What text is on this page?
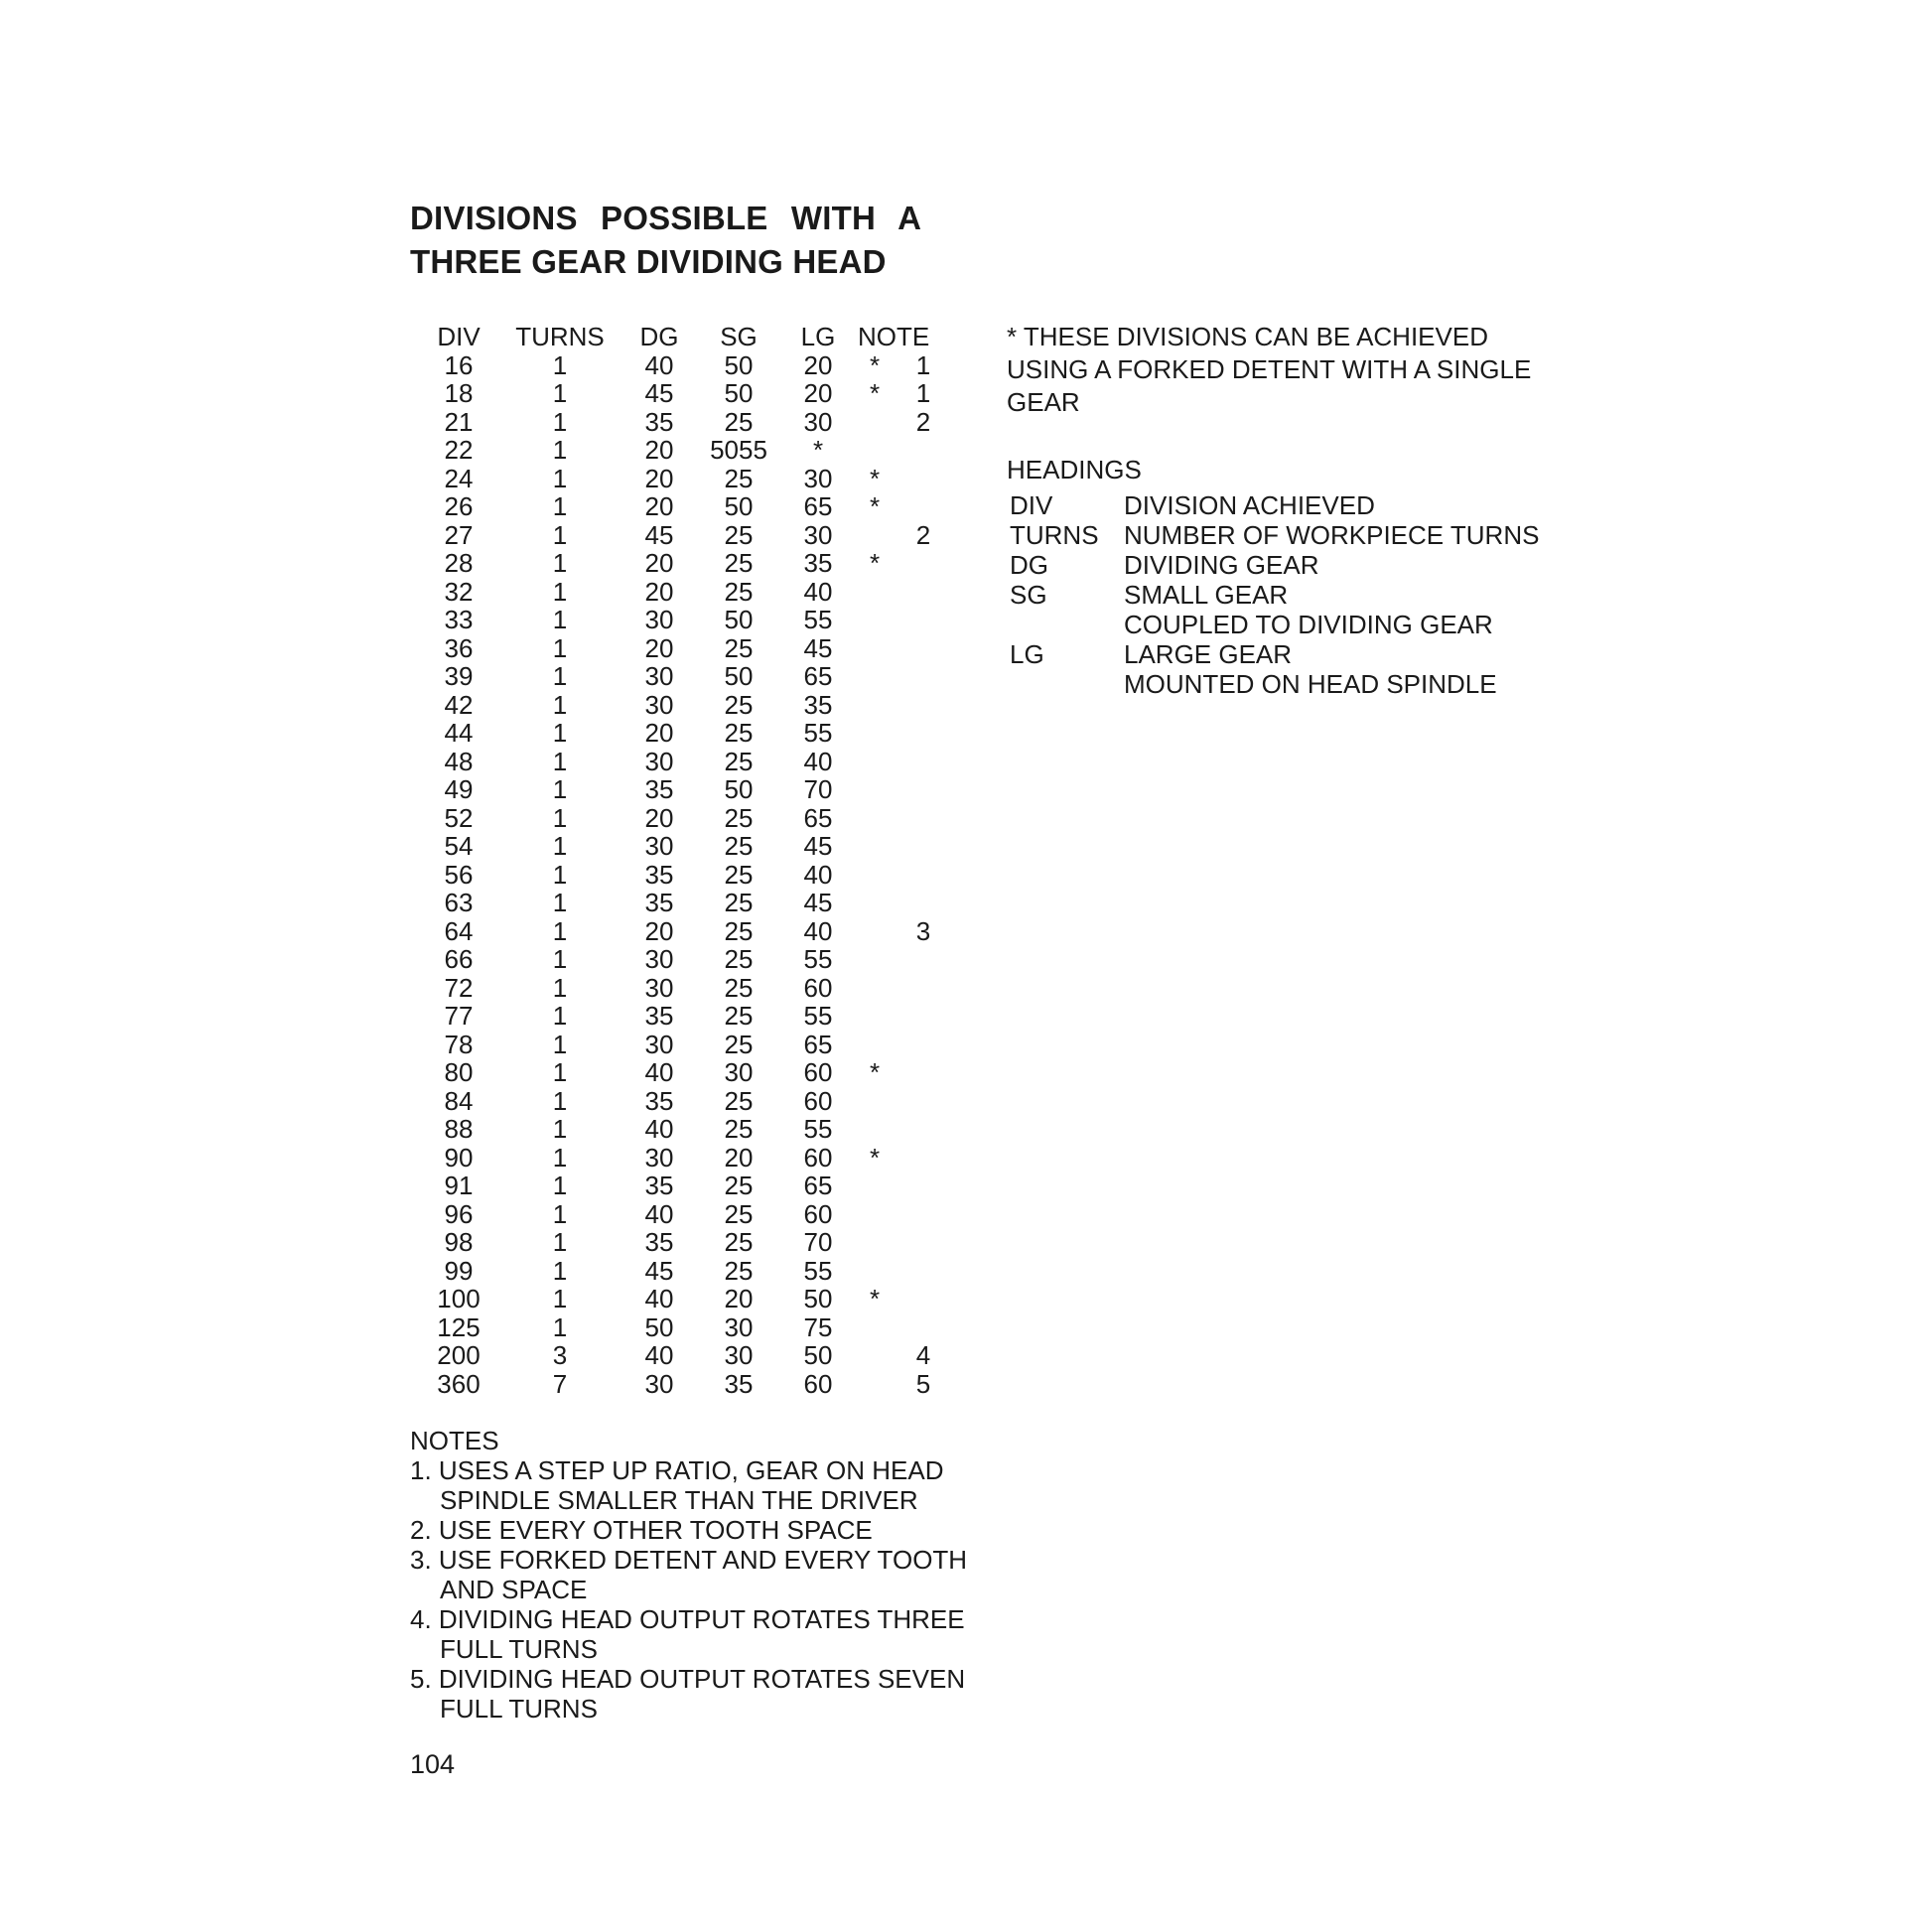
DIVISIONS POSSIBLE WITH A
THREE GEAR DIVIDING HEAD
DIV	TURNS	DG	SG	LG	NOTE	
16	1	40	50	20	*	1
18	1	45	50	20	*	1
21	1	35	25	30		2
22	1	20	5055	*		
24	1	20	25	30	*	
26	1	20	50	65	*	
27	1	45	25	30		2
28	1	20	25	35	*	
32	1	20	25	40		
33	1	30	50	55		
36	1	20	25	45		
39	1	30	50	65		
42	1	30	25	35		
44	1	20	25	55		
48	1	30	25	40		
49	1	35	50	70		
52	1	20	25	65		
54	1	30	25	45		
56	1	35	25	40		
63	1	35	25	45		
64	1	20	25	40		3
66	1	30	25	55		
72	1	30	25	60		
77	1	35	25	55		
78	1	30	25	65		
80	1	40	30	60	*	
84	1	35	25	60		
88	1	40	25	55		
90	1	30	20	60	*	
91	1	35	25	65		
96	1	40	25	60		
98	1	35	25	70		
99	1	45	25	55		
100	1	40	20	50	*	
125	1	50	30	75		
200	3	40	30	50		4
360	7	30	35	60		5

* THESE DIVISIONS CAN BE ACHIEVED USING A FORKED DETENT WITH A SINGLE GEAR

HEADINGS

DIV	DIVISION ACHIEVED
TURNS	NUMBER OF WORKPIECE TURNS
DG	DIVIDING GEAR
SG	SMALL GEAR
	COUPLED TO DIVIDING GEAR
LG	LARGE GEAR
	MOUNTED ON HEAD SPINDLE
NOTES
1. USES A STEP UP RATIO, GEAR ON HEAD SPINDLE SMALLER THAN THE DRIVER
2. USE EVERY OTHER TOOTH SPACE
3. USE FORKED DETENT AND EVERY TOOTH AND SPACE
4. DIVIDING HEAD OUTPUT ROTATES THREE FULL TURNS
5. DIVIDING HEAD OUTPUT ROTATES SEVEN FULL TURNS
104
